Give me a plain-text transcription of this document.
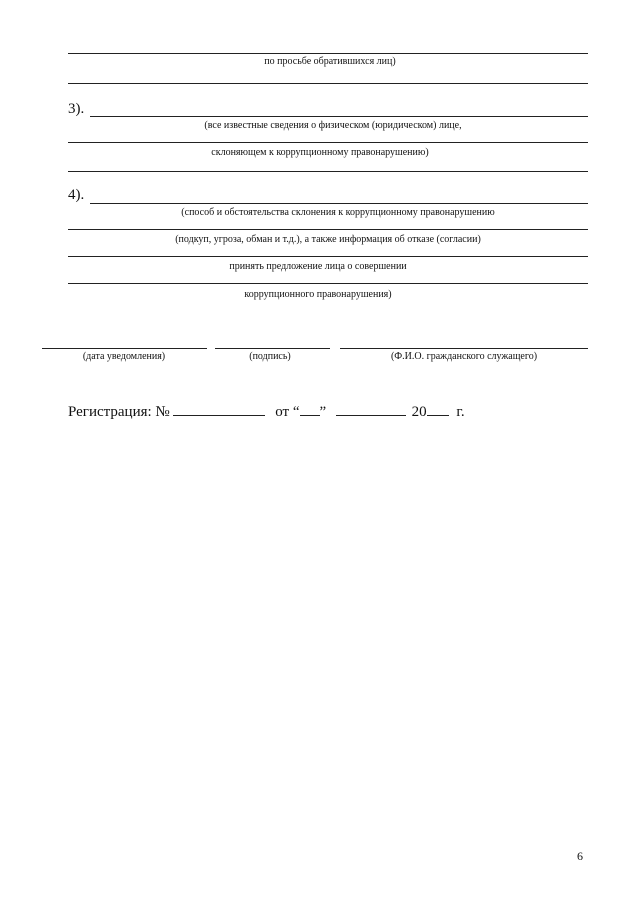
по просьбе обратившихся лиц)
3).
(все известные сведения о физическом (юридическом) лице,
склоняющем к коррупционному правонарушению)
4).
(способ и обстоятельства склонения к коррупционному правонарушению
(подкуп, угроза, обман и т.д.), а также информация об отказе (согласии)
принять предложение лица о совершении
коррупционного правонарушения)
(дата уведомления)	(подпись)	(Ф.И.О. гражданского служащего)
Регистрация: №	от “ ”	20 г.
6
